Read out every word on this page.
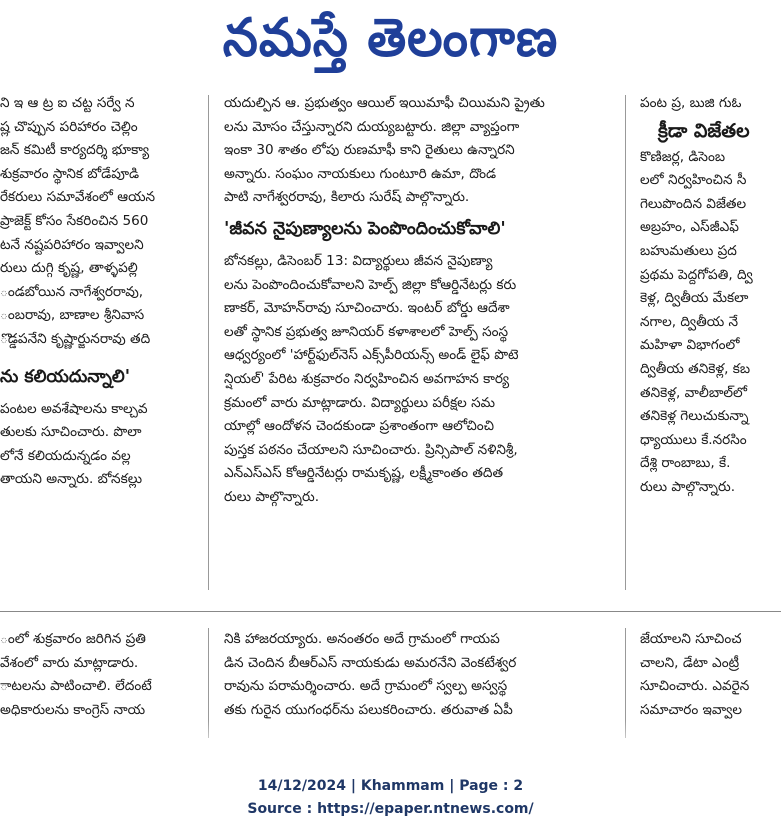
నమస్తే తెలంగాణ

ని ఇ ఆ ట్ర ఐ చట్ట సర్వే న

ష్ల చొప్పున పరిహారం చెల్లిం

జన్ కమిటీ కార్యదర్శి భూక్యా

శుక్రవారం స్థానిక బోడేపూడి

రేకరులు సమావేశంలో ఆయన

ప్రాజెక్ట్ కోసం సేకరించిన 560

టనే నష్టపరిహారం ఇవ్వాలని

రులు దుగ్గి కృష్ణ, తాళ్ళపల్లి

ండబోయిన నాగేశ్వరరావు,

ంబరావు, బాణాల శ్రీనివాస

ొడ్డపనేని కృష్ణార్జునరావు తది

ను కలియదున్నాలి'

పంటల అవశేషాలను కాల్చవ

తులకు సూచించారు. పొలా

లోనే కలియదున్నడం వల్ల

తాయని అన్నారు. బోనకల్లు

యదుల్పిన ఆ. ప్రభుత్వం ఆయిల్ ఇయిమాఫీ చియిమని ప్రైతు

లను మోసం చేస్తున్నారని దుయ్యబట్టారు. జిల్లా వ్యాప్తంగా

ఇంకా 30 శాతం లోపు రుణమాఫీ కాని రైతులు ఉన్నారని

అన్నారు. సంఘం నాయకులు గుంటూరి ఉమా, దొండ

పాటి నాగేశ్వరరావు, కిలారు సురేష్ పాల్గొన్నారు.

'జీవన నైపుణ్యాలను పెంపొందించుకోవాలి'

బోనకల్లు, డిసెంబర్ 13: విద్యార్థులు జీవన నైపుణ్యా

లను పెంపొందించుకోవాలని హెల్ప్ జిల్లా కోఆర్డినేటర్లు కరు

ణాకర్, మోహన్‌రావు సూచించారు. ఇంటర్ బోర్డు ఆదేశా

లతో స్థానిక ప్రభుత్వ జూనియర్ కళాశాలలో హెల్ప్ సంస్థ

ఆధ్వర్యంలో 'హార్ట్‌ఫుల్‌నెస్ ఎక్స్‌పీరియన్స్ అండ్ లైఫ్ పొటె

న్షియల్' పేరిట శుక్రవారం నిర్వహించిన అవగాహన కార్య

క్రమంలో వారు మాట్లాడారు. విద్యార్థులు పరీక్షల సమ

యాల్లో ఆందోళన చెందకుండా ప్రశాంతంగా ఆలోచించి

పుస్తక పఠనం చేయాలని సూచించారు. ప్రిన్సిపాల్ నళినిశ్రీ,

ఎన్‌ఎస్‌ఎస్ కోఆర్డినేటర్లు రామకృష్ణ, లక్ష్మీకాంతం తదిత

రులు పాల్గొన్నారు.

పంట ప్ర, బుజి గుఓ

క్రీడా విజేతల

కొణిజర్ల, డిసెంబ

లలో నిర్వహించిన సీ

గెలుపొందిన విజేతల

అబ్రహం, ఎస్‌జీఎఫ్

బహుమతులు ప్రద

ప్రథమ పెద్దగోపతి, ద్వి

కెళ్ల, ద్వితీయ మేకలా

నగాల, ద్వితీయ నే

మహిళా విభాగంలో

ద్వితీయ తనికెళ్ల, కబ

తనికెళ్ల, వాలీబాల్‌లో

తనికెళ్ల గెలుచుకున్నా

ధ్యాయులు కే.నరసిం

దేశ్లి రాంబాబు, కే.

రులు పాల్గొన్నారు.

ంలో శుక్రవారం జరిగిన ప్రతి

వేశంలో వారు మాట్లాడారు.

ాటలను పాటించాలి. లేదంటే

అధికారులను కాంగ్రెస్ నాయ

నికి హాజరయ్యారు. అనంతరం అదే గ్రామంలో గాయప

డిన చెందిన బీఆర్ఎస్ నాయకుడు అమరనేని వెంకటేశ్వర

రావును పరామర్శించారు. అదే గ్రామంలో స్వల్ప అస్వస్థ

తకు గురైన యుగంధర్‌ను పలుకరించారు. తరువాత ఏపీ

జేయాలని సూచించ

చాలని, డేటా ఎంట్రీ

సూచించారు. ఎవరైన

సమాచారం ఇవ్వాల

14/12/2024 | Khammam | Page : 2
Source : https://epaper.ntnews.com/
